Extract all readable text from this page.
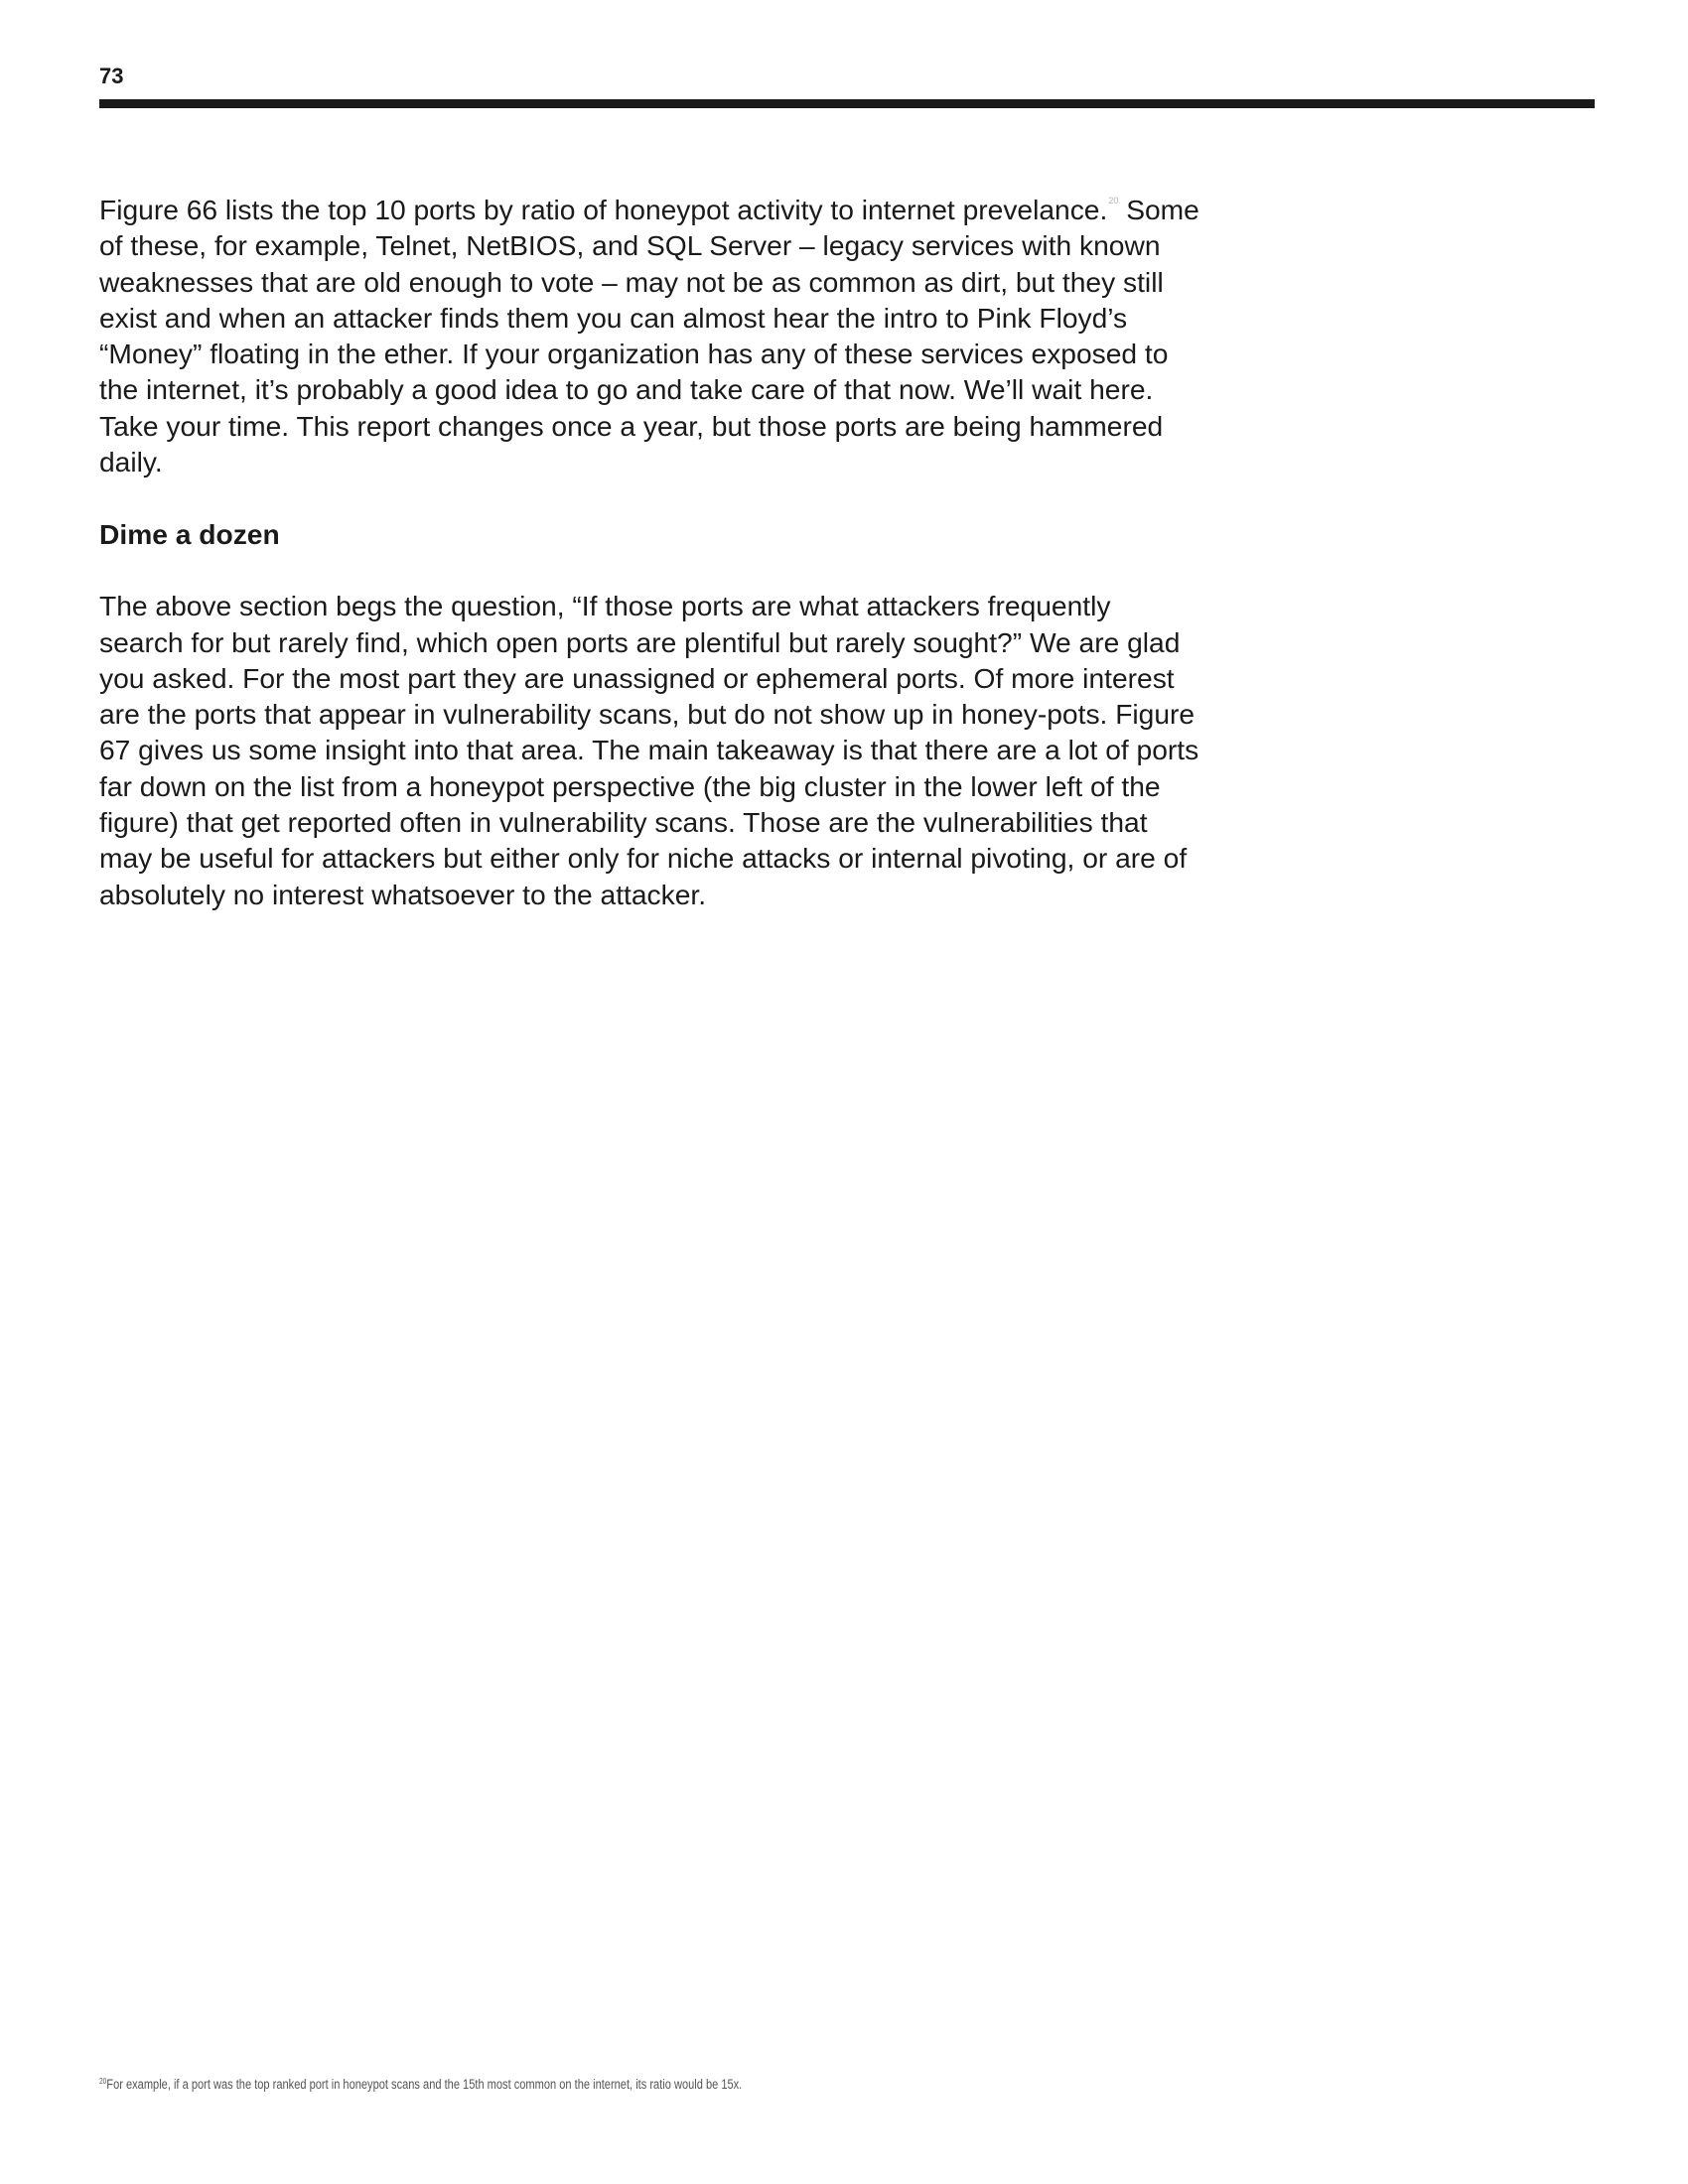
73

Figure 66 lists the top 10 ports by ratio of honeypot activity to internet prevelance.$^{20}$ Some of these, for example, Telnet, NetBIOS, and SQL Server – legacy services with known weaknesses that are old enough to vote – may not be as common as dirt, but they still exist and when an attacker finds them you can almost hear the intro to Pink Floyd’s “Money” floating in the ether. If your organization has any of these services exposed to the internet, it’s probably a good idea to go and take care of that now. We’ll wait here. Take your time. This report changes once a year, but those ports are being hammered daily.

Dime a dozen

The above section begs the question, “If those ports are what attackers frequently search for but rarely find, which open ports are plentiful but rarely sought?” We are glad you asked. For the most part they are unassigned or ephemeral ports. Of more interest are the ports that appear in vulnerability scans, but do not show up in honey-pots. Figure 67 gives us some insight into that area. The main takeaway is that there are a lot of ports far down on the list from a honeypot perspective (the big cluster in the lower left of the figure) that get reported often in vulnerability scans. Those are the vulnerabilities that may be useful for attackers but either only for niche attacks or internal pivoting, or are of absolutely no interest whatsoever to the attacker.

$^{20}$For example, if a port was the top ranked port in honeypot scans and the 15th most common on the internet, its ratio would be 15x.
